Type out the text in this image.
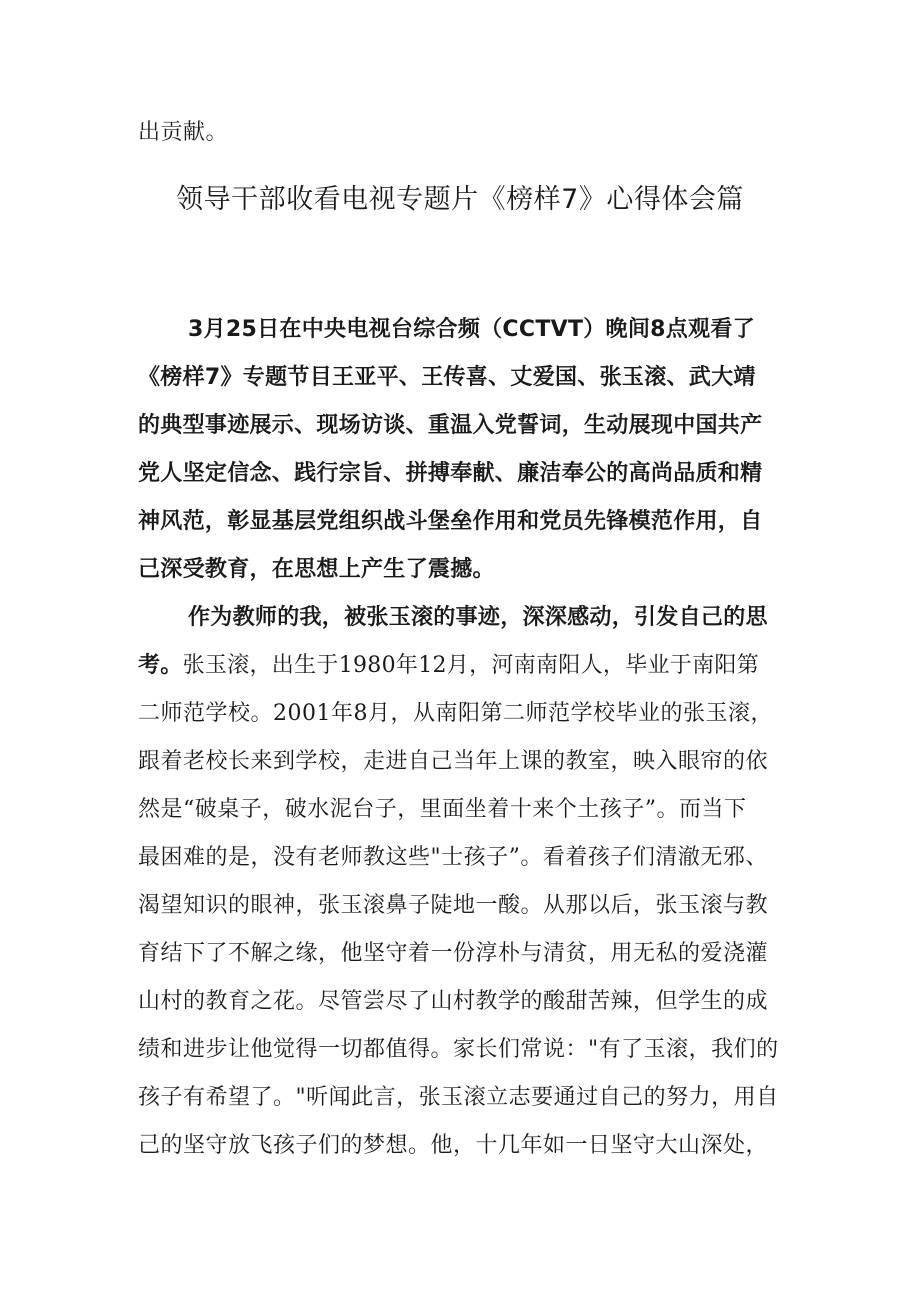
出贡献。
领导干部收看电视专题片《榜样7》心得体会篇
3月25日在中央电视台综合频（CCTVT）晚间8点观看了
《榜样7》专题节目王亚平、王传喜、丈爱国、张玉滚、武大靖
的典型事迹展示、现场访谈、重温入党誓词，生动展现中国共产
党人坚定信念、践行宗旨、拼搏奉献、廉洁奉公的高尚品质和精
神风范，彰显基层党组织战斗堡垒作用和党员先锋模范作用，自
己深受教育，在思想上产生了震撼。
作为教师的我，被张玉滚的事迹，深深感动，引发自己的思
考。张玉滚，出生于1980年12月，河南南阳人，毕业于南阳第
二师范学校。2001年8月，从南阳第二师范学校毕业的张玉滚，
跟着老校长来到学校，走进自己当年上课的教室，映入眼帘的依
然是“破桌子，破水泥台子，里面坐着十来个土孩子”。而当下
最困难的是，没有老师教这些"士孩子”。看着孩子们清澈无邪、
渴望知识的眼神，张玉滚鼻子陡地一酸。从那以后，张玉滚与教
育结下了不解之缘，他坚守着一份淳朴与清贫，用无私的爱浇灌
山村的教育之花。尽管尝尽了山村教学的酸甜苦辣，但学生的成
绩和进步让他觉得一切都值得。家长们常说："有了玉滚，我们的
孩子有希望了。"听闻此言，张玉滚立志要通过自己的努力，用自
己的坚守放飞孩子们的梦想。他，十几年如一日坚守大山深处，
